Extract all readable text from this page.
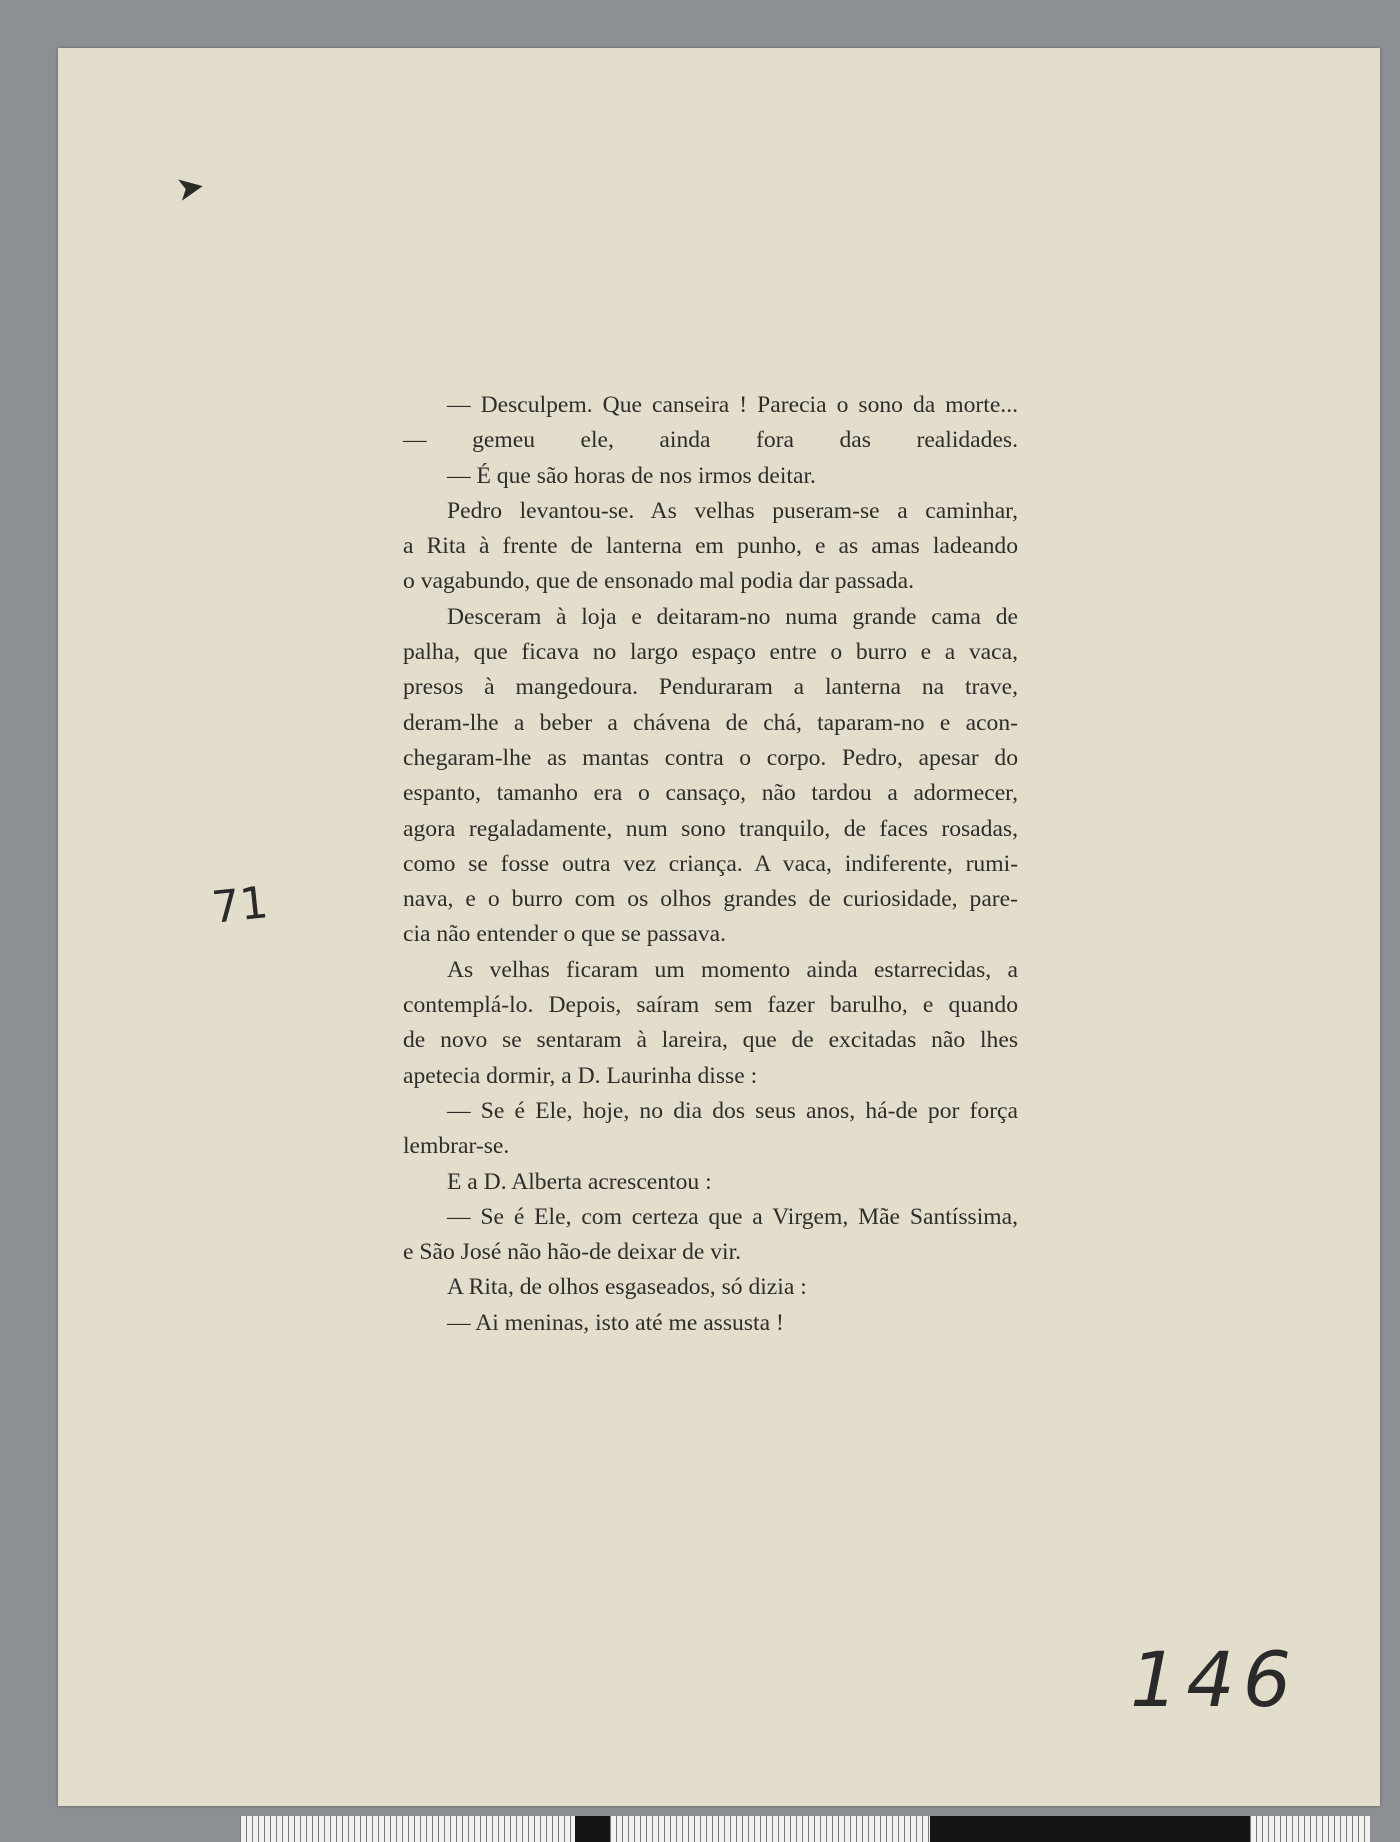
➤
— Desculpem. Que canseira ! Parecia o sono da morte...
— gemeu ele, ainda fora das realidades.
— É que são horas de nos irmos deitar.
Pedro levantou-se. As velhas puseram-se a caminhar,
a Rita à frente de lanterna em punho, e as amas ladeando
o vagabundo, que de ensonado mal podia dar passada.
Desceram à loja e deitaram-no numa grande cama de
palha, que ficava no largo espaço entre o burro e a vaca,
presos à mangedoura. Penduraram a lanterna na trave,
deram-lhe a beber a chávena de chá, taparam-no e acon-
chegaram-lhe as mantas contra o corpo. Pedro, apesar do
espanto, tamanho era o cansaço, não tardou a adormecer,
agora regaladamente, num sono tranquilo, de faces rosadas,
como se fosse outra vez criança. A vaca, indiferente, rumi-
nava, e o burro com os olhos grandes de curiosidade, pare-
cia não entender o que se passava.
As velhas ficaram um momento ainda estarrecidas, a
contemplá-lo. Depois, saíram sem fazer barulho, e quando
de novo se sentaram à lareira, que de excitadas não lhes
apetecia dormir, a D. Laurinha disse :
— Se é Ele, hoje, no dia dos seus anos, há-de por força
lembrar-se.
E a D. Alberta acrescentou :
— Se é Ele, com certeza que a Virgem, Mãe Santíssima,
e São José não hão-de deixar de vir.
A Rita, de olhos esgaseados, só dizia :
— Ai meninas, isto até me assusta !
71
146
